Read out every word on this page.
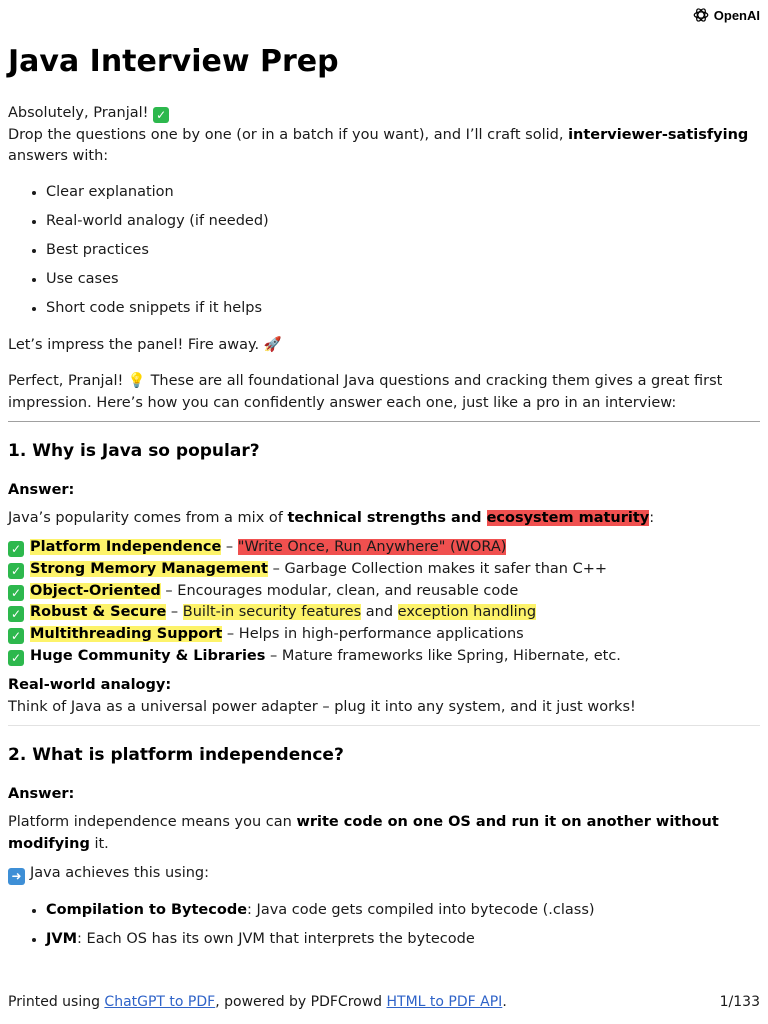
OpenAI
Java Interview Prep

Absolutely, Pranjal! ✓
Drop the questions one by one (or in a batch if you want), and I’ll craft solid, interviewer-satisfying
answers with:

• Clear explanation
• Real-world analogy (if needed)
• Best practices
• Use cases
• Short code snippets if it helps

Let’s impress the panel! Fire away. 🚀

Perfect, Pranjal! 💡 These are all foundational Java questions and cracking them gives a great first impression. Here’s how you can confidently answer each one, just like a pro in an interview:

1. Why is Java so popular?

Answer:

Java’s popularity comes from a mix of technical strengths and ecosystem maturity:

✓ Platform Independence – "Write Once, Run Anywhere" (WORA)
✓ Strong Memory Management – Garbage Collection makes it safer than C++
✓ Object-Oriented – Encourages modular, clean, and reusable code
✓ Robust & Secure – Built-in security features and exception handling
✓ Multithreading Support – Helps in high-performance applications
✓ Huge Community & Libraries – Mature frameworks like Spring, Hibernate, etc.

Real-world analogy:
Think of Java as a universal power adapter – plug it into any system, and it just works!

2. What is platform independence?

Answer:

Platform independence means you can write code on one OS and run it on another without modifying it.

➜ Java achieves this using:

• Compilation to Bytecode: Java code gets compiled into bytecode (.class)
• JVM: Each OS has its own JVM that interprets the bytecode
Printed using ChatGPT to PDF, powered by PDFCrowd HTML to PDF API.	1/133
